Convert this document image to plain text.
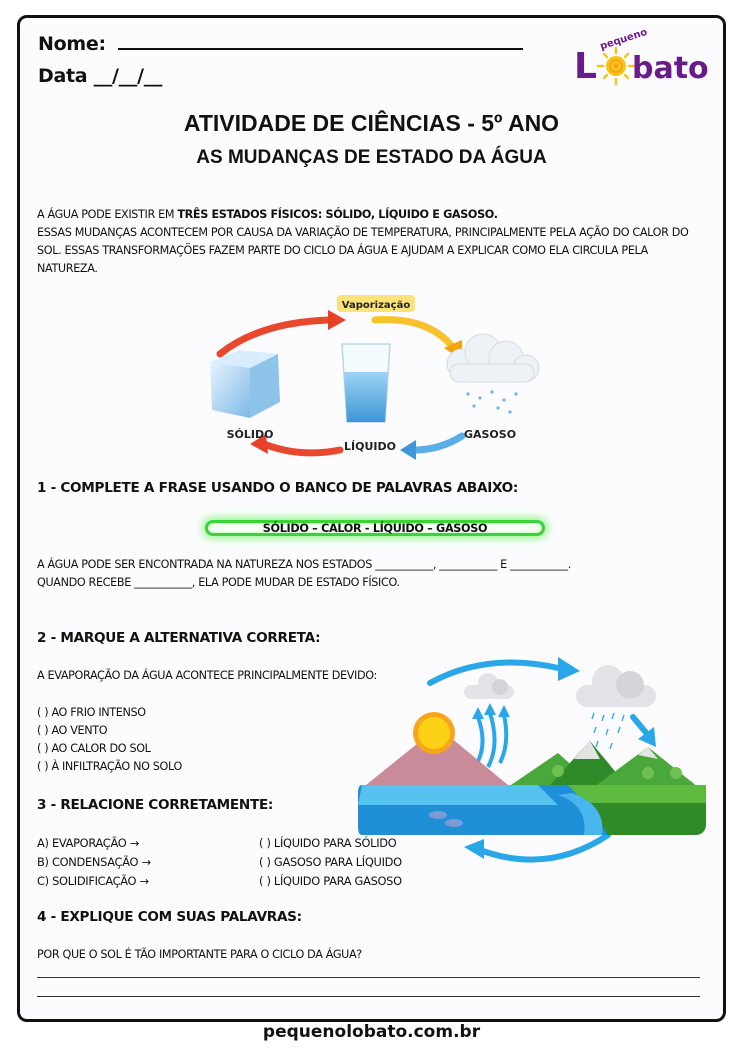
Nome:
Data __/__/__
pequeno
L bato
ATIVIDADE DE CIÊNCIAS - 5º ANO
AS MUDANÇAS DE ESTADO DA ÁGUA
A ÁGUA PODE EXISTIR EM TRÊS ESTADOS FÍSICOS: SÓLIDO, LÍQUIDO E GASOSO.
ESSAS MUDANÇAS ACONTECEM POR CAUSA DA VARIAÇÃO DE TEMPERATURA, PRINCIPALMENTE PELA AÇÃO DO CALOR DO SOL. ESSAS TRANSFORMAÇÕES FAZEM PARTE DO CICLO DA ÁGUA E AJUDAM A EXPLICAR COMO ELA CIRCULA PELA NATUREZA.
Vaporização
SÓLIDO
LÍQUIDO
GASOSO
1 - COMPLETE A FRASE USANDO O BANCO DE PALAVRAS ABAIXO:
SÓLIDO – CALOR - LÍQUIDO – GASOSO
A ÁGUA PODE SER ENCONTRADA NA NATUREZA NOS ESTADOS ___________, ___________ E ___________.
QUANDO RECEBE ___________, ELA PODE MUDAR DE ESTADO FÍSICO.
2 - MARQUE A ALTERNATIVA CORRETA:
A EVAPORAÇÃO DA ÁGUA ACONTECE PRINCIPALMENTE DEVIDO:
( ) AO FRIO INTENSO
( ) AO VENTO
( ) AO CALOR DO SOL
( ) À INFILTRAÇÃO NO SOLO
3 - RELACIONE CORRETAMENTE:
A) EVAPORAÇÃO →
B) CONDENSAÇÃO →
C) SOLIDIFICAÇÃO →
( ) LÍQUIDO PARA SÓLIDO
( ) GASOSO PARA LÍQUIDO
( ) LÍQUIDO PARA GASOSO
4 - EXPLIQUE COM SUAS PALAVRAS:
POR QUE O SOL É TÃO IMPORTANTE PARA O CICLO DA ÁGUA?
pequenolobato.com.br
